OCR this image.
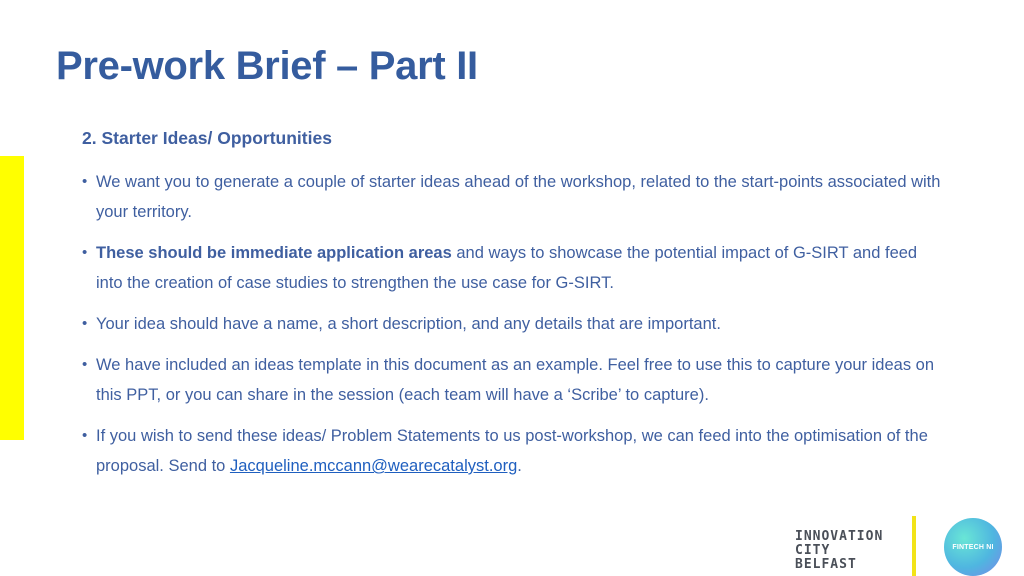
Pre-work Brief – Part II
2. Starter Ideas/ Opportunities
• We want you to generate a couple of starter ideas ahead of the workshop, related to the start-points associated with your territory.
• These should be immediate application areas and ways to showcase the potential impact of G-SIRT and feed into the creation of case studies to strengthen the use case for G-SIRT.
• Your idea should have a name, a short description, and any details that are important.
• We have included an ideas template in this document as an example. Feel free to use this to capture your ideas on this PPT, or you can share in the session (each team will have a ‘Scribe’ to capture).
• If you wish to send these ideas/ Problem Statements to us post-workshop, we can feed into the optimisation of the proposal. Send to Jacqueline.mccann@wearecatalyst.org.
INNOVATION
CITY
BELFAST
FINTECH NI
